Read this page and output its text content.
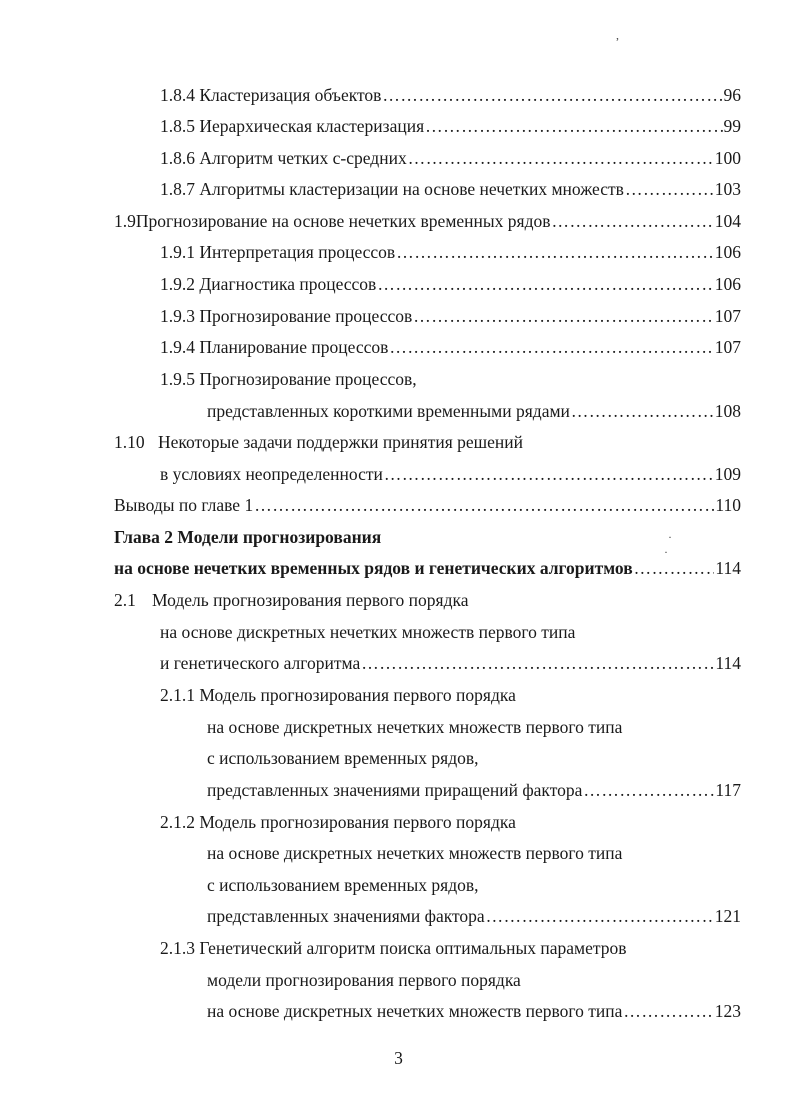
,
·
·
1.8.4
Кластеризация объектов ………………………………………………………………………………………………………………………………………………………………………………………………………………………………	96
1.8.5
Иерархическая кластеризация ………………………………………………………………………………………………………………………………………………………………………………………………………………………………	99
1.8.6
Алгоритм четких c-средних ………………………………………………………………………………………………………………………………………………………………………………………………………………………………	100
1.8.7
Алгоритмы кластеризации на основе нечетких множеств ………………………………………………………………………………………………………………………………………………………………………………………………………………………………	103
1.9 Прогнозирование на основе нечетких временных рядов ………………………………………………………………………………………………………………………………………………………………………………………………………………………………	104
1.9.1
Интерпретация процессов ………………………………………………………………………………………………………………………………………………………………………………………………………………………………	106
1.9.2
Диагностика процессов ………………………………………………………………………………………………………………………………………………………………………………………………………………………………	106
1.9.3
Прогнозирование процессов ………………………………………………………………………………………………………………………………………………………………………………………………………………………………	107
1.9.4
Планирование процессов ………………………………………………………………………………………………………………………………………………………………………………………………………………………………	107
1.9.5
Прогнозирование процессов,
представленных короткими временными рядами ………………………………………………………………………………………………………………………………………………………………………………………………………………………………	108
1.10 Некоторые задачи поддержки принятия решений
в условиях неопределенности ………………………………………………………………………………………………………………………………………………………………………………………………………………………………	109
Выводы по главе 1 ………………………………………………………………………………………………………………………………………………………………………………………………………………………………	110
Глава 2 Модели прогнозирования
на основе нечетких временных рядов и генетических алгоритмов ………………………………………………………………………………………………………………………………………………………………………………………………………………………………	114
2.1 Модель прогнозирования первого порядка
на основе дискретных нечетких множеств первого типа
и генетического алгоритма ………………………………………………………………………………………………………………………………………………………………………………………………………………………………	114
2.1.1
Модель прогнозирования первого порядка
на основе дискретных нечетких множеств первого типа
с использованием временных рядов,
представленных значениями приращений фактора ………………………………………………………………………………………………………………………………………………………………………………………………………………………………	117
2.1.2
Модель прогнозирования первого порядка
на основе дискретных нечетких множеств первого типа
с использованием временных рядов,
представленных значениями фактора ………………………………………………………………………………………………………………………………………………………………………………………………………………………………	121
2.1.3
Генетический алгоритм поиска оптимальных параметров
модели прогнозирования первого порядка
на основе дискретных нечетких множеств первого типа ………………………………………………………………………………………………………………………………………………………………………………………………………………………………	123
3
